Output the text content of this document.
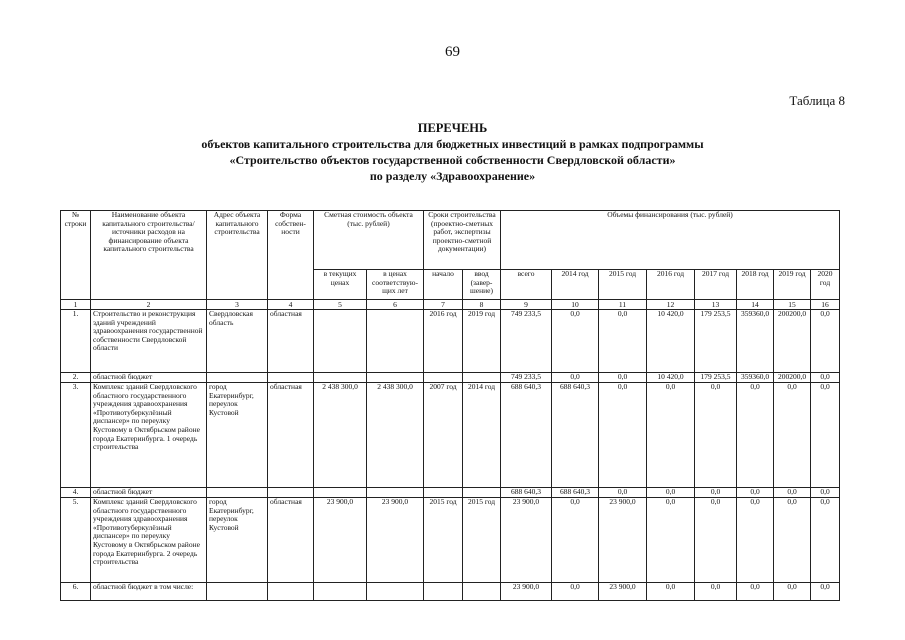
69
Таблица 8
ПЕРЕЧЕНЬ
объектов капитального строительства для бюджетных инвестиций в рамках подпрограммы
«Строительство объектов государственной собственности Свердловской области»
по разделу «Здравоохранение»
№ строки	Наименование объекта капитального строительства/ источники расходов на финансирование объекта капитального строительства	Адрес объекта капитального строительства	Форма собствен-ности	Сметная стоимость объекта (тыс. рублей)		Сроки строительства (проектно-сметных работ, экспертизы проектно-сметной документации)		Объемы финансирования (тыс. рублей)							
				в текущих ценах	в ценах соответствую-щих лет	начало	ввод (завер-шение)	всего	2014 год	2015 год	2016 год	2017 год	2018 год	2019 год	2020 год
1	2	3	4	5	6	7	8	9	10	11	12	13	14	15	16
1.	Строительство и реконструкция зданий учреждений здравоохранения государственной собственности Свердловской области	Свердловская область	областная			2016 год	2019 год	749 233,5	0,0	0,0	10 420,0	179 253,5	359360,0	200200,0	0,0
2.	областной бюджет							749 233,5	0,0	0,0	10 420,0	179 253,5	359360,0	200200,0	0,0
3.	Комплекс зданий Свердловского областного государственного учреждения здравоохранения «Противотуберкулёзный диспансер» по переулку Кустовому в Октябрьском районе города Екатеринбурга. 1 очередь строительства	город Екатеринбург, переулок Кустовой	областная	2 438 300,0	2 438 300,0	2007 год	2014 год	688 640,3	688 640,3	0,0	0,0	0,0	0,0	0,0	0,0
4.	областной бюджет							688 640,3	688 640,3	0,0	0,0	0,0	0,0	0,0	0,0
5.	Комплекс зданий Свердловского областного государственного учреждения здравоохранения «Противотуберкулёзный диспансер» по переулку Кустовому в Октябрьском районе города Екатеринбурга. 2 очередь строительства	город Екатеринбург, переулок Кустовой	областная	23 900,0	23 900,0	2015 год	2015 год	23 900,0	0,0	23 900,0	0,0	0,0	0,0	0,0	0,0
6.	областной бюджет в том числе:							23 900,0	0,0	23 900,0	0,0	0,0	0,0	0,0	0,0
